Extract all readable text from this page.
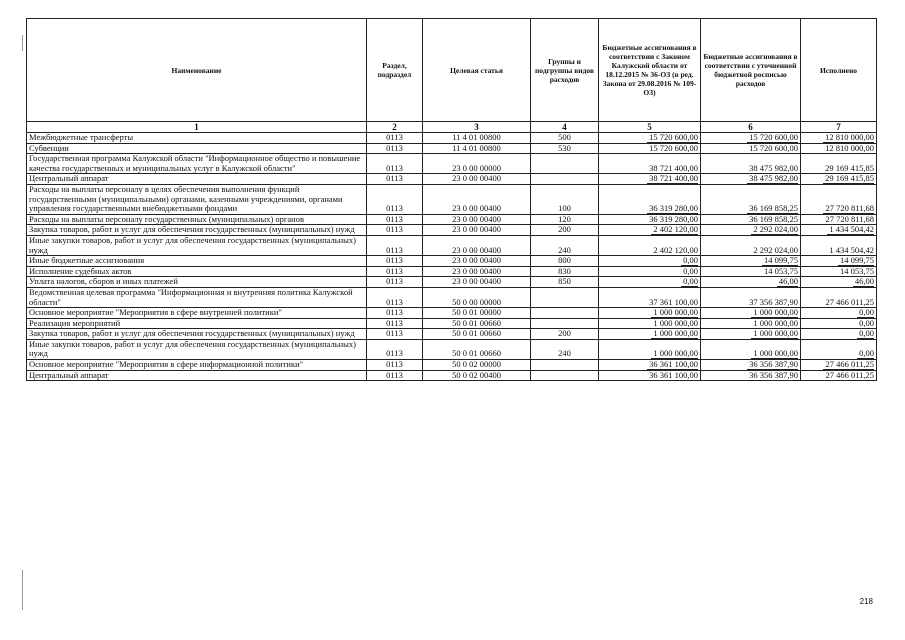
Наименование	Раздел, подраздел	Целевая статья	Группы и подгруппы видов расходов	Бюджетные ассигнования в соответствии с Законом Калужской области от 18.12.2015 № 36-ОЗ (в ред. Закона от 29.08.2016 № 109-ОЗ)	Бюджетные ассигнования в соответствии с уточненной бюджетной росписью расходов	Исполнено
1	2	3	4	5	6	7
Межбюджетные трансферты	0113	11 4 01 00800	500	15 720 600,00	15 720 600,00	12 810 000,00
Субвенции	0113	11 4 01 00800	530	15 720 600,00	15 720 600,00	12 810 000,00
Государственная программа Калужской области "Информационное общество и повышение качества государственных и муниципальных услуг в Калужской области"	0113	23 0 00 00000		38 721 400,00	38 475 982,00	29 169 415,85
Центральный аппарат	0113	23 0 00 00400		38 721 400,00	38 475 982,00	29 169 415,85
Расходы на выплаты персоналу в целях обеспечения выполнения функций государственными (муниципальными) органами, казенными учреждениями, органами управления государственными внебюджетными фондами	0113	23 0 00 00400	100	36 319 280,00	36 169 858,25	27 720 811,68
Расходы на выплаты персоналу государственных (муниципальных) органов	0113	23 0 00 00400	120	36 319 280,00	36 169 858,25	27 720 811,68
Закупка товаров, работ и услуг для обеспечения государственных (муниципальных) нужд	0113	23 0 00 00400	200	2 402 120,00	2 292 024,00	1 434 504,42
Иные закупки товаров, работ и услуг для обеспечения государственных (муниципальных) нужд	0113	23 0 00 00400	240	2 402 120,00	2 292 024,00	1 434 504,42
Иные бюджетные ассигнования	0113	23 0 00 00400	800	0,00	14 099,75	14 099,75
Исполнение судебных актов	0113	23 0 00 00400	830	0,00	14 053,75	14 053,75
Уплата налогов, сборов и иных платежей	0113	23 0 00 00400	850	0,00	46,00	46,00
Ведомственная целевая программа "Информационная и внутренняя политика Калужской области"	0113	50 0 00 00000		37 361 100,00	37 356 387,90	27 466 011,25
Основное мероприятие "Мероприятия в сфере внутренней политики"	0113	50 0 01 00000		1 000 000,00	1 000 000,00	0,00
Реализация мероприятий	0113	50 0 01 00660		1 000 000,00	1 000 000,00	0,00
Закупка товаров, работ и услуг для обеспечения государственных (муниципальных) нужд	0113	50 0 01 00660	200	1 000 000,00	1 000 000,00	0,00
Иные закупки товаров, работ и услуг для обеспечения государственных (муниципальных) нужд	0113	50 0 01 00660	240	1 000 000,00	1 000 000,00	0,00
Основное мероприятие "Мероприятия в сфере информационной политики"	0113	50 0 02 00000		36 361 100,00	36 356 387,90	27 466 011,25
Центральный аппарат	0113	50 0 02 00400		36 361 100,00	36 356 387,90	27 466 011,25
218
